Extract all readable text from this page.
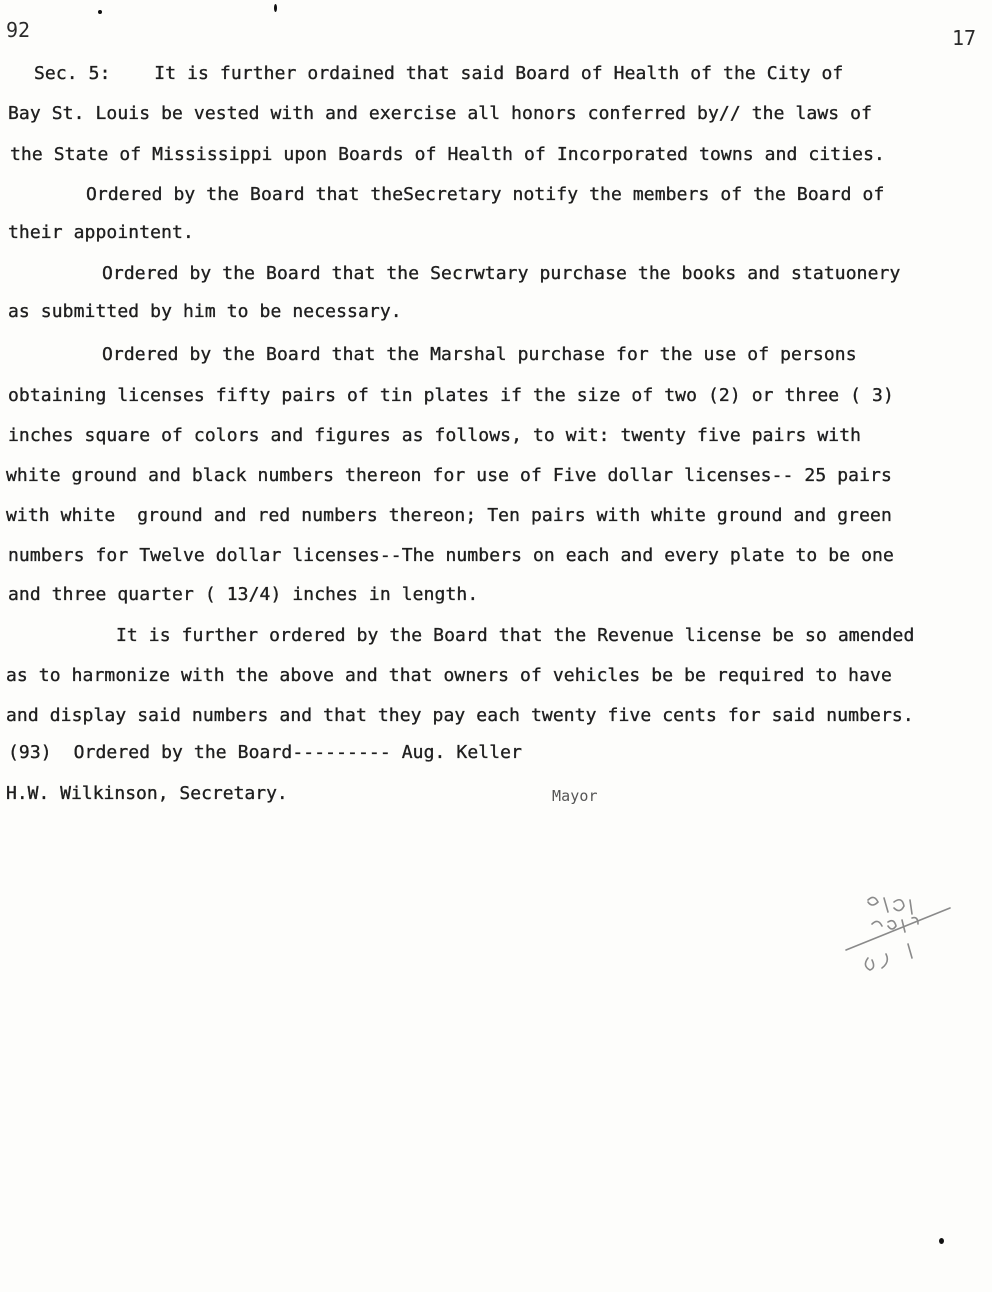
92	17
Sec. 5:    It is further ordained that said Board of Health of the City of
Bay St. Louis be vested with and exercise all honors conferred by// the laws of
the State of Mississippi upon Boards of Health of Incorporated towns and cities.
Ordered by the Board that theSecretary notify the members of the Board of
their appointent.
Ordered by the Board that the Secrwtary purchase the books and statuonery
as submitted by him to be necessary.
Ordered by the Board that the Marshal purchase for the use of persons
obtaining licenses fifty pairs of tin plates if the size of two (2) or three ( 3)
inches square of colors and figures as follows, to wit: twenty five pairs with
white ground and black numbers thereon for use of Five dollar licenses-- 25 pairs
with white  ground and red numbers thereon; Ten pairs with white ground and green
numbers for Twelve dollar licenses--The numbers on each and every plate to be one
and three quarter ( 13/4) inches in length.
It is further ordered by the Board that the Revenue license be so amended
as to harmonize with the above and that owners of vehicles be be required to have
and display said numbers and that they pay each twenty five cents for said numbers.
(93)  Ordered by the Board--------- Aug. Keller
H.W. Wilkinson, Secretary.	Mayor
